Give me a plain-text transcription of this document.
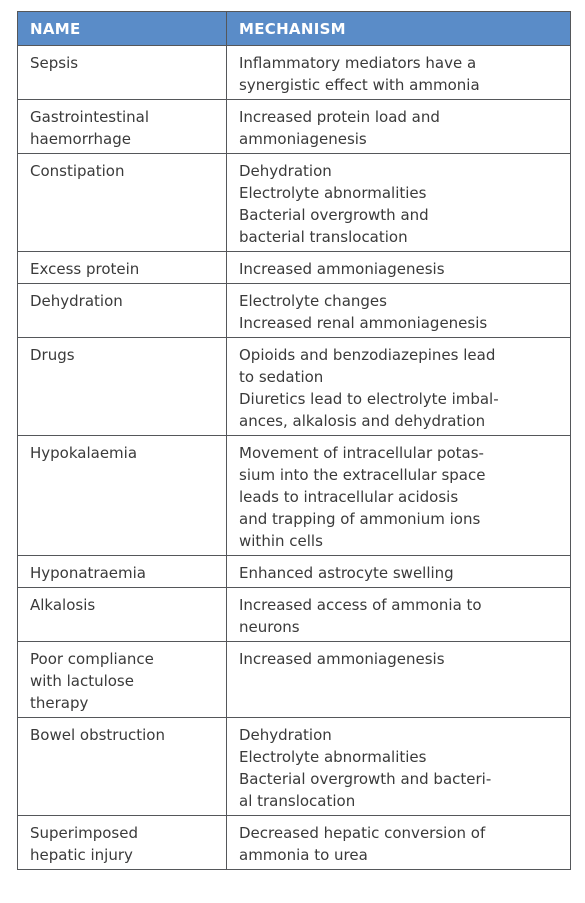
NAME	MECHANISM

Sepsis	Inflammatory mediators have a
synergistic effect with ammonia

Gastrointestinal
haemorrhage	Increased protein load and
ammoniagenesis

Constipation	Dehydration
Electrolyte abnormalities
Bacterial overgrowth and
bacterial translocation

Excess protein	Increased ammoniagenesis

Dehydration	Electrolyte changes
Increased renal ammoniagenesis

Drugs	Opioids and benzodiazepines lead
to sedation
Diuretics lead to electrolyte imbal-
ances, alkalosis and dehydration

Hypokalaemia	Movement of intracellular potas-
sium into the extracellular space
leads to intracellular acidosis
and trapping of ammonium ions
within cells

Hyponatraemia	Enhanced astrocyte swelling

Alkalosis	Increased access of ammonia to
neurons

Poor compliance
with lactulose
therapy	Increased ammoniagenesis

Bowel obstruction	Dehydration
Electrolyte abnormalities
Bacterial overgrowth and bacteri-
al translocation

Superimposed
hepatic injury	Decreased hepatic conversion of
ammonia to urea
